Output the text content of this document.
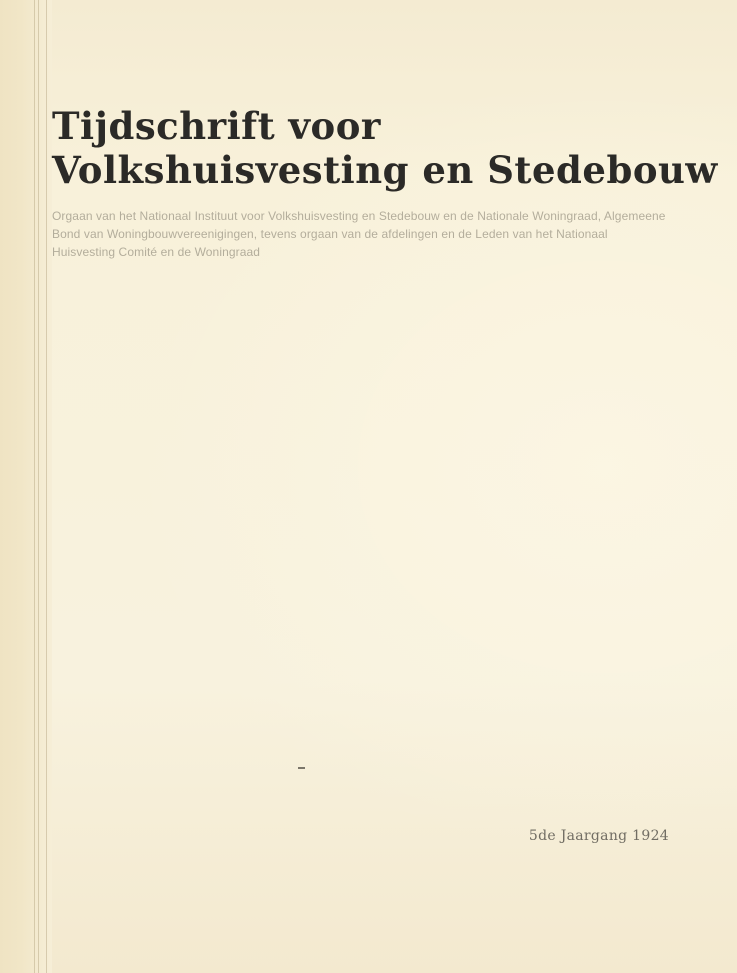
Tijdschrift voor
Volkshuisvesting en Stedebouw

Orgaan van het Nationaal Instituut voor Volkshuisvesting en Stedebouw en de Nationale Woningraad, Algemeene Bond van Woningbouwvereenigingen, tevens orgaan van de afdelingen en de Leden van het Nationaal Huisvesting Comité en de Woningraad

5de Jaargang 1924
